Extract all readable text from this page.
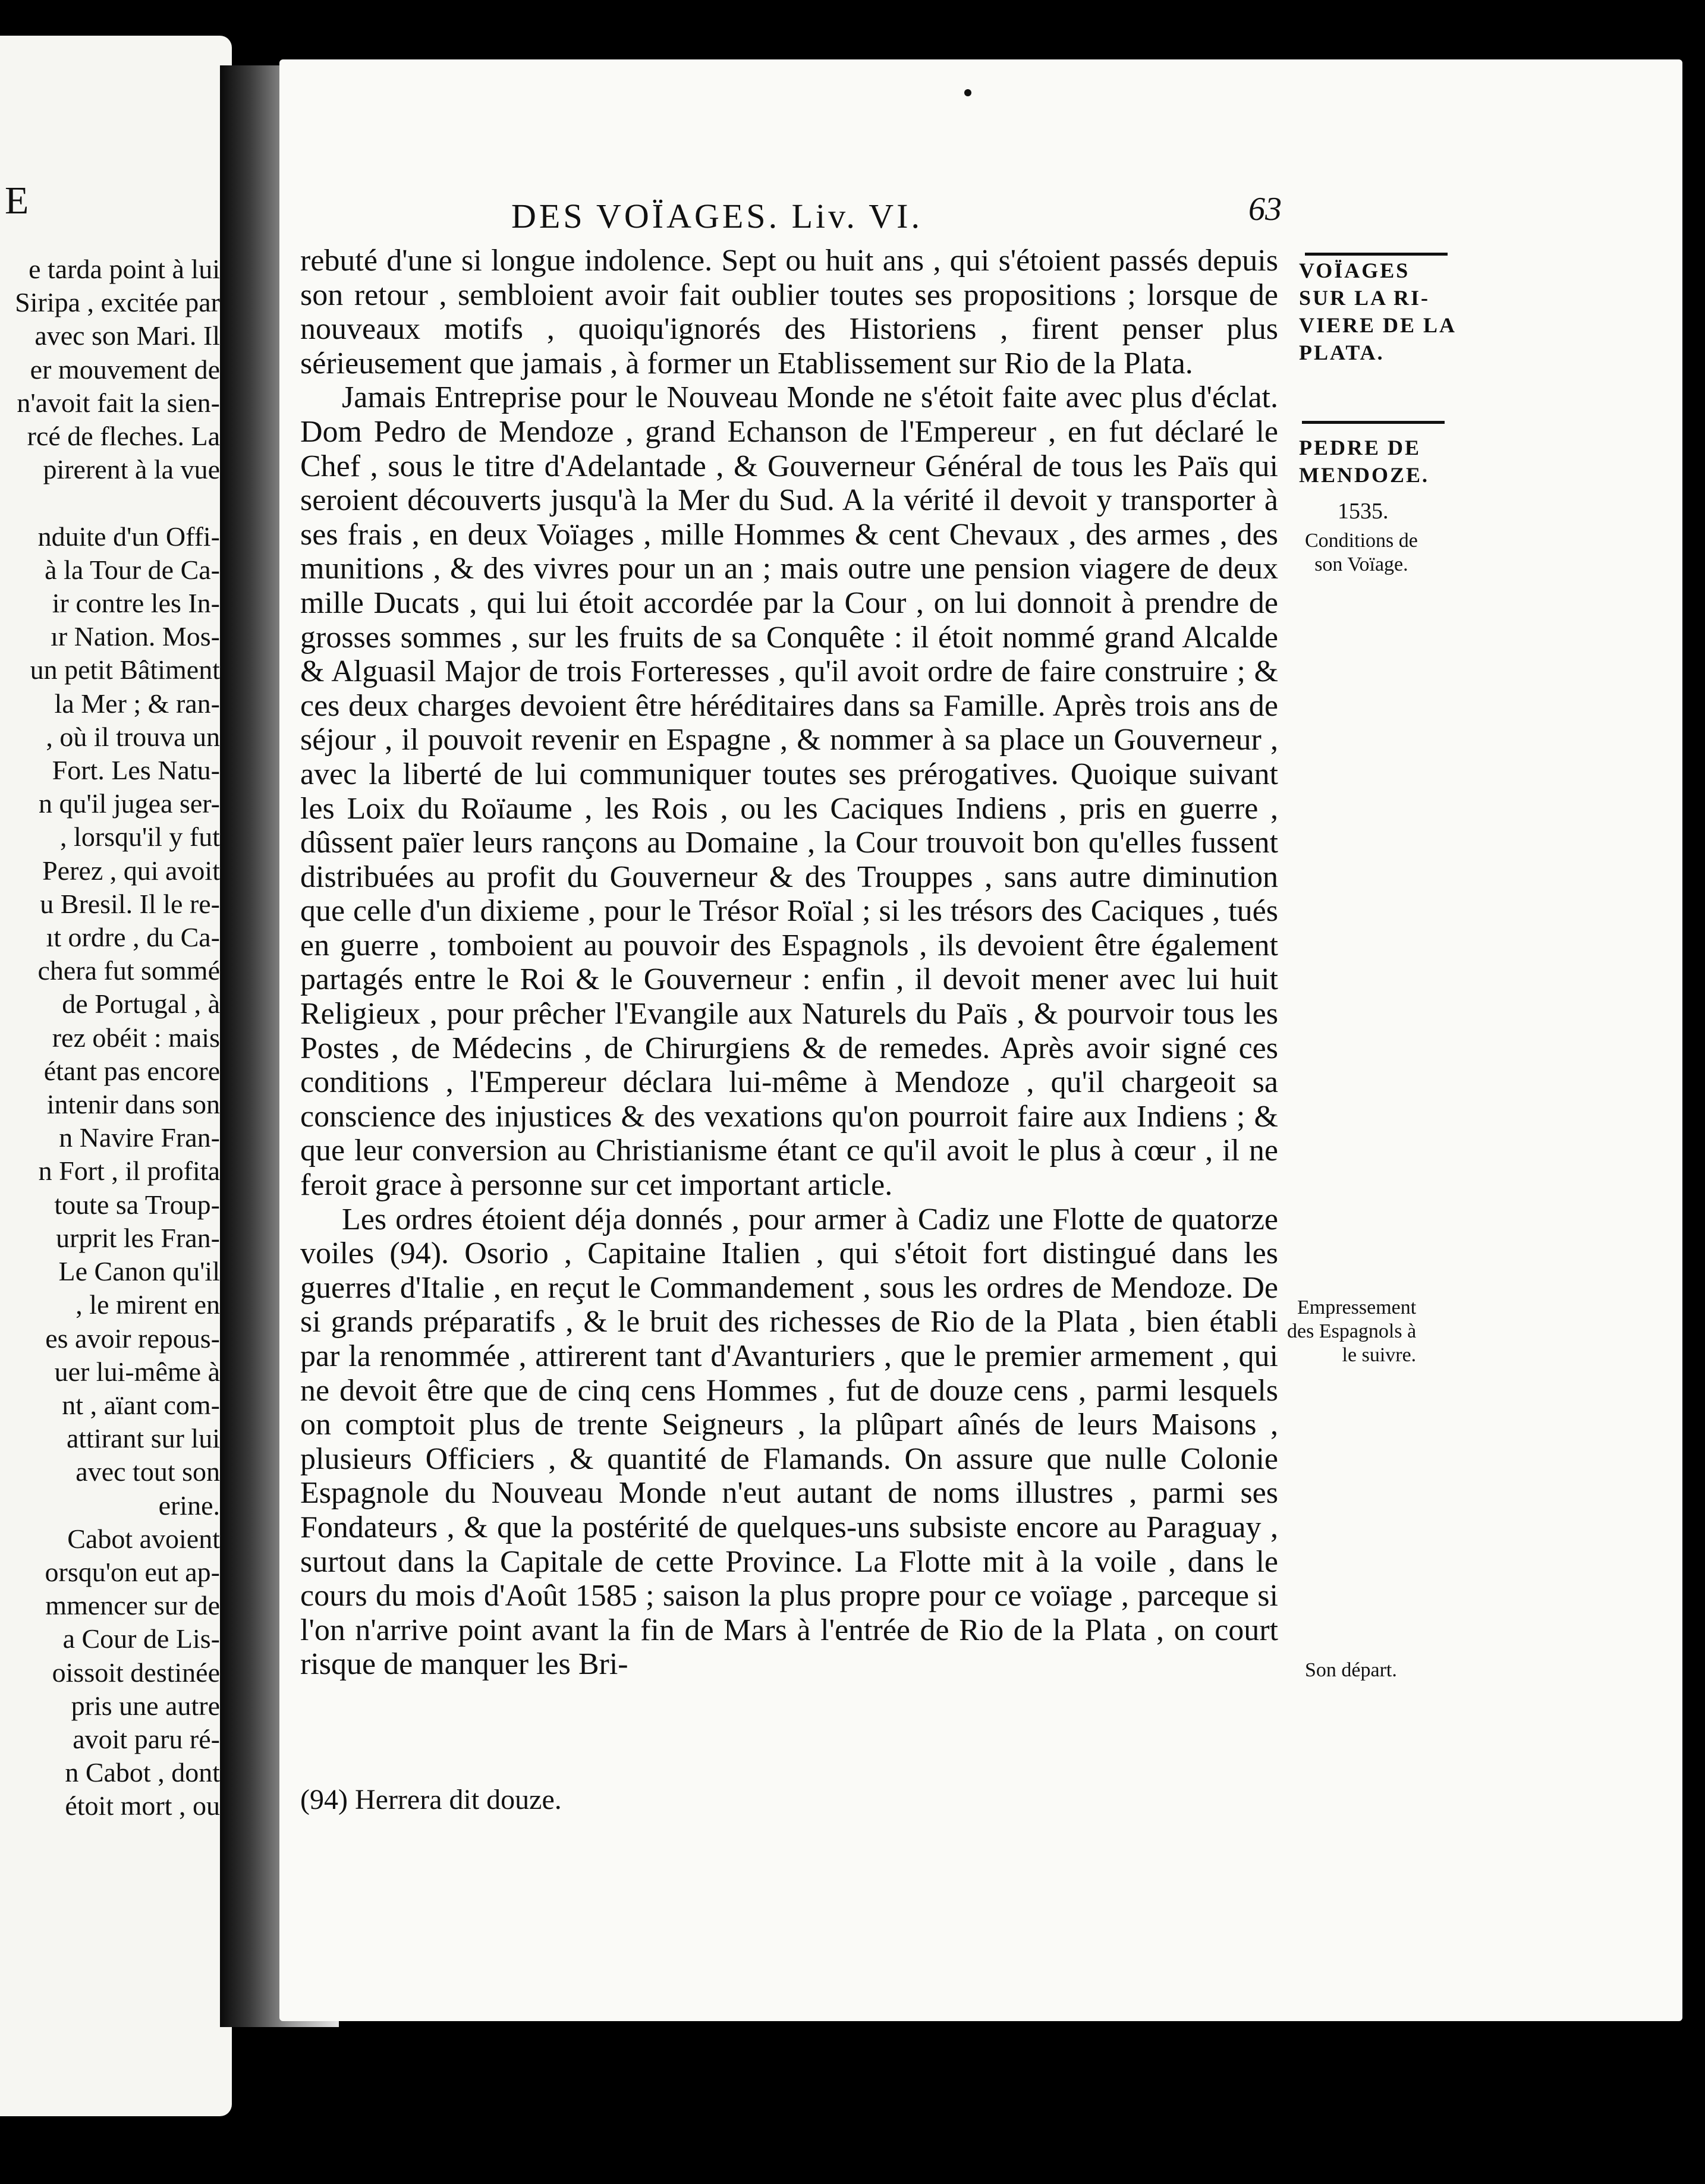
E
e tarda point à lui
Siripa , excitée par
avec son Mari. Il
er mouvement de
n'avoit fait la sien-
rcé de fleches. La
pirerent à la vue

nduite d'un Offi-
à la Tour de Ca-
ir contre les In-
ır Nation. Mos-
un petit Bâtiment
la Mer ; & ran-
, où il trouva un
Fort. Les Natu-
n qu'il jugea ser-
, lorsqu'il y fut
Perez , qui avoit
u Bresil. Il le re-
ıt ordre , du Ca-
chera fut sommé
de Portugal , à
rez obéit : mais
étant pas encore
intenir dans son
n Navire Fran-
n Fort , il profita
toute sa Troup-
urprit les Fran-
Le Canon qu'il
, le mirent en
es avoir repous-
uer lui-même à
nt , aïant com-
attirant sur lui
avec tout son
erine.
Cabot avoient
orsqu'on eut ap-
mmencer sur de
a Cour de Lis-
oissoit destinée
pris une autre
avoit paru ré-
n Cabot , dont
étoit mort , ou
DES VOÏAGES. Liv. VI.	63

rebuté d'une si longue indolence. Sept ou huit ans , qui s'étoient passés depuis son retour , sembloient avoir fait oublier toutes ses propositions ; lorsque de nouveaux motifs , quoiqu'ignorés des Historiens , firent penser plus sérieusement que jamais , à former un Etablissement sur Rio de la Plata.

Jamais Entreprise pour le Nouveau Monde ne s'étoit faite avec plus d'éclat. Dom Pedro de Mendoze , grand Echanson de l'Empereur , en fut déclaré le Chef , sous le titre d'Adelantade , & Gouverneur Général de tous les Païs qui seroient découverts jusqu'à la Mer du Sud. A la vérité il devoit y transporter à ses frais , en deux Voïages , mille Hommes & cent Chevaux , des armes , des munitions , & des vivres pour un an ; mais outre une pension viagere de deux mille Ducats , qui lui étoit accordée par la Cour , on lui donnoit à prendre de grosses sommes , sur les fruits de sa Conquête : il étoit nommé grand Alcalde & Alguasil Major de trois Forteresses , qu'il avoit ordre de faire construire ; & ces deux charges devoient être héréditaires dans sa Famille. Après trois ans de séjour , il pouvoit revenir en Espagne , & nommer à sa place un Gouverneur , avec la liberté de lui communiquer toutes ses prérogatives. Quoique suivant les Loix du Roïaume , les Rois , ou les Caciques Indiens , pris en guerre , dûssent païer leurs rançons au Domaine , la Cour trouvoit bon qu'elles fussent distribuées au profit du Gouverneur & des Trouppes , sans autre diminution que celle d'un dixieme , pour le Trésor Roïal ; si les trésors des Caciques , tués en guerre , tomboient au pouvoir des Espagnols , ils devoient être également partagés entre le Roi & le Gouverneur : enfin , il devoit mener avec lui huit Religieux , pour prêcher l'Evangile aux Naturels du Païs , & pourvoir tous les Postes , de Médecins , de Chirurgiens & de remedes. Après avoir signé ces conditions , l'Empereur déclara lui-même à Mendoze , qu'il chargeoit sa conscience des injustices & des vexations qu'on pourroit faire aux Indiens ; & que leur conversion au Christianisme étant ce qu'il avoit le plus à cœur , il ne feroit grace à personne sur cet important article.

Les ordres étoient déja donnés , pour armer à Cadiz une Flotte de quatorze voiles (94). Osorio , Capitaine Italien , qui s'étoit fort distingué dans les guerres d'Italie , en reçut le Commandement , sous les ordres de Mendoze. De si grands préparatifs , & le bruit des richesses de Rio de la Plata , bien établi par la renommée , attirerent tant d'Avanturiers , que le premier armement , qui ne devoit être que de cinq cens Hommes , fut de douze cens , parmi lesquels on comptoit plus de trente Seigneurs , la plûpart aînés de leurs Maisons , plusieurs Officiers , & quantité de Flamands. On assure que nulle Colonie Espagnole du Nouveau Monde n'eut autant de noms illustres , parmi ses Fondateurs , & que la postérité de quelques-uns subsiste encore au Paraguay , surtout dans la Capitale de cette Province. La Flotte mit à la voile , dans le cours du mois d'Août 1585 ; saison la plus propre pour ce voïage , parceque si l'on n'arrive point avant la fin de Mars à l'entrée de Rio de la Plata , on court risque de manquer les Bri-

VOÏAGES
SUR LA RI-
VIERE DE LA
PLATA.
PEDRE DE
MENDOZE.
1535.
Conditions de
son Voïage.
Empressement
des Espagnols à
le suivre.
Son départ.
(94) Herrera dit douze.
